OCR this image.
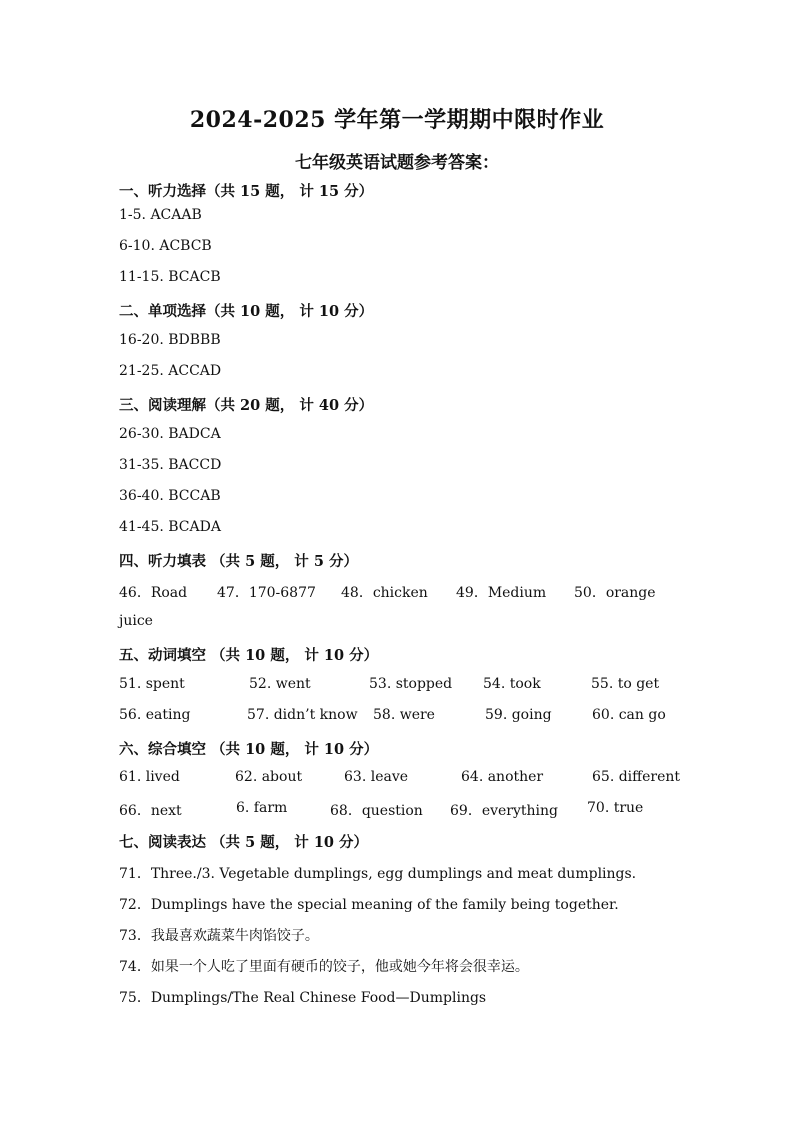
2024-2025 学年第一学期期中限时作业
七年级英语试题参考答案：
一、听力选择（共 15 题， 计 15 分）
1-5. ACAAB
6-10. ACBCB
11-15. BCACB
二、单项选择（共 10 题， 计 10 分）
16-20. BDBBB
21-25. ACCAD
三、阅读理解（共 20 题， 计 40 分）
26-30. BADCA
31-35. BACCD
36-40. BCCAB
41-45. BCADA
四、听力填表 （共 5 题， 计 5 分）
46．Road 47．170-6877 48．chicken 49．Medium 50．orange
juice
五、动词填空 （共 10 题， 计 10 分）
51. spent	52. went	53. stopped 54. took	55. to get
56. eating	57. didn’t know 58. were	59. going	60. can go
六、综合填空 （共 10 题， 计 10 分）
61. lived	62. about	63. leave	64. another	65. different
66．next	6. farm	68．question 69．everything 70. true
七、阅读表达 （共 5 题， 计 10 分）
71．Three./3. Vegetable dumplings, egg dumplings and meat dumplings.
72．Dumplings have the special meaning of the family being together.
73．我最喜欢蔬菜牛肉馅饺子。
74．如果一个人吃了里面有硬币的饺子，他或她今年将会很幸运。
75．Dumplings/The Real Chinese Food—Dumplings
